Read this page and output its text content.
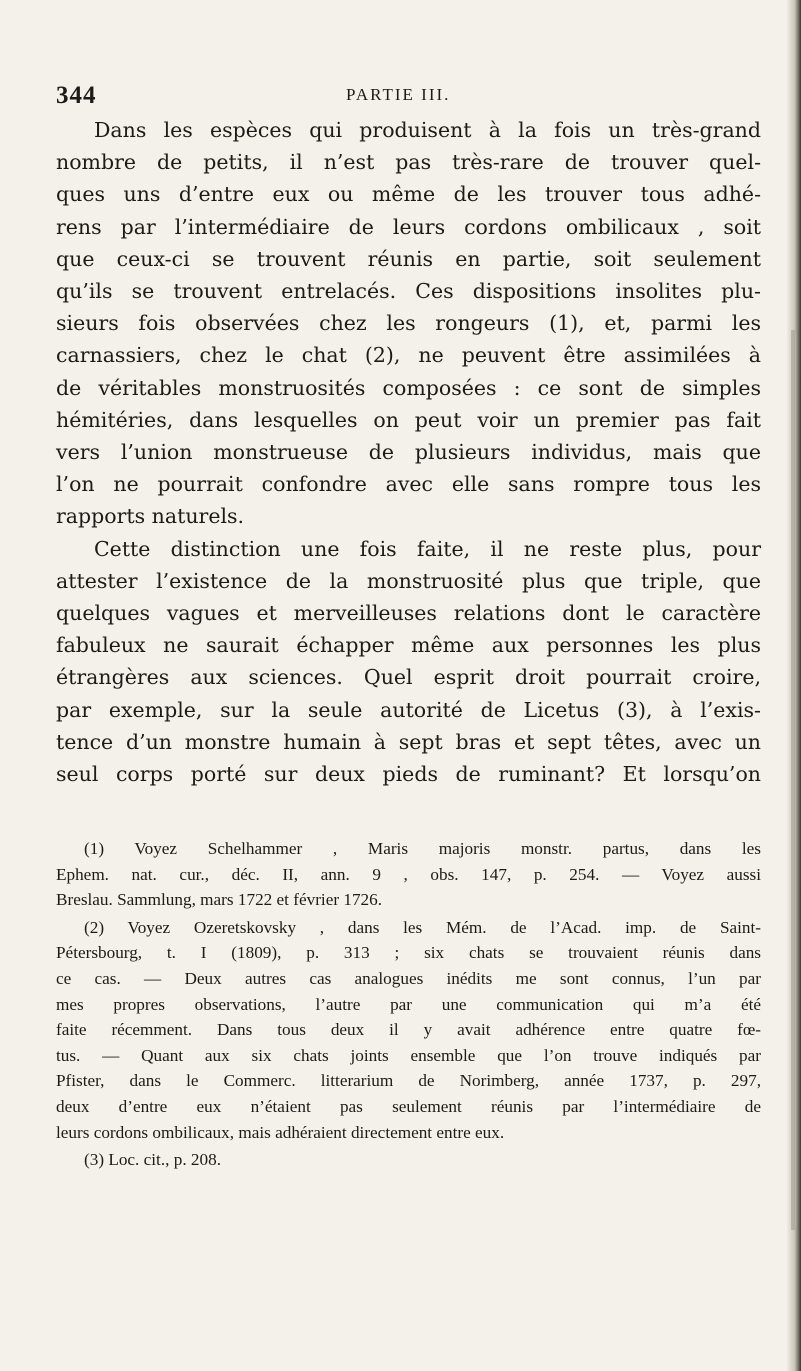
344	PARTIE III.
Dans les espèces qui produisent à la fois un très-grand
nombre de petits, il n’est pas très-rare de trouver quel-
ques uns d’entre eux ou même de les trouver tous adhé-
rens par l’intermédiaire de leurs cordons ombilicaux , soit
que ceux-ci se trouvent réunis en partie, soit seulement
qu’ils se trouvent entrelacés. Ces dispositions insolites plu-
sieurs fois observées chez les rongeurs (1), et, parmi les
carnassiers, chez le chat (2), ne peuvent être assimilées à
de véritables monstruosités composées : ce sont de simples
hémitéries, dans lesquelles on peut voir un premier pas fait
vers l’union monstrueuse de plusieurs individus, mais que
l’on ne pourrait confondre avec elle sans rompre tous les
rapports naturels.
Cette distinction une fois faite, il ne reste plus, pour
attester l’existence de la monstruosité plus que triple, que
quelques vagues et merveilleuses relations dont le caractère
fabuleux ne saurait échapper même aux personnes les plus
étrangères aux sciences. Quel esprit droit pourrait croire,
par exemple, sur la seule autorité de Licetus (3), à l’exis-
tence d’un monstre humain à sept bras et sept têtes, avec un
seul corps porté sur deux pieds de ruminant? Et lorsqu’on
(1) Voyez Schelhammer , Maris majoris monstr. partus, dans les
Ephem. nat. cur., déc. II, ann. 9 , obs. 147, p. 254. — Voyez aussi
Breslau. Sammlung, mars 1722 et février 1726.
(2) Voyez Ozeretskovsky , dans les Mém. de l’Acad. imp. de Saint-
Pétersbourg, t. I (1809), p. 313 ; six chats se trouvaient réunis dans
ce cas. — Deux autres cas analogues inédits me sont connus, l’un par
mes propres observations, l’autre par une communication qui m’a été
faite récemment. Dans tous deux il y avait adhérence entre quatre fœ-
tus. — Quant aux six chats joints ensemble que l’on trouve indiqués par
Pfister, dans le Commerc. litterarium de Norimberg, année 1737, p. 297,
deux d’entre eux n’étaient pas seulement réunis par l’intermédiaire de
leurs cordons ombilicaux, mais adhéraient directement entre eux.
(3) Loc. cit., p. 208.
